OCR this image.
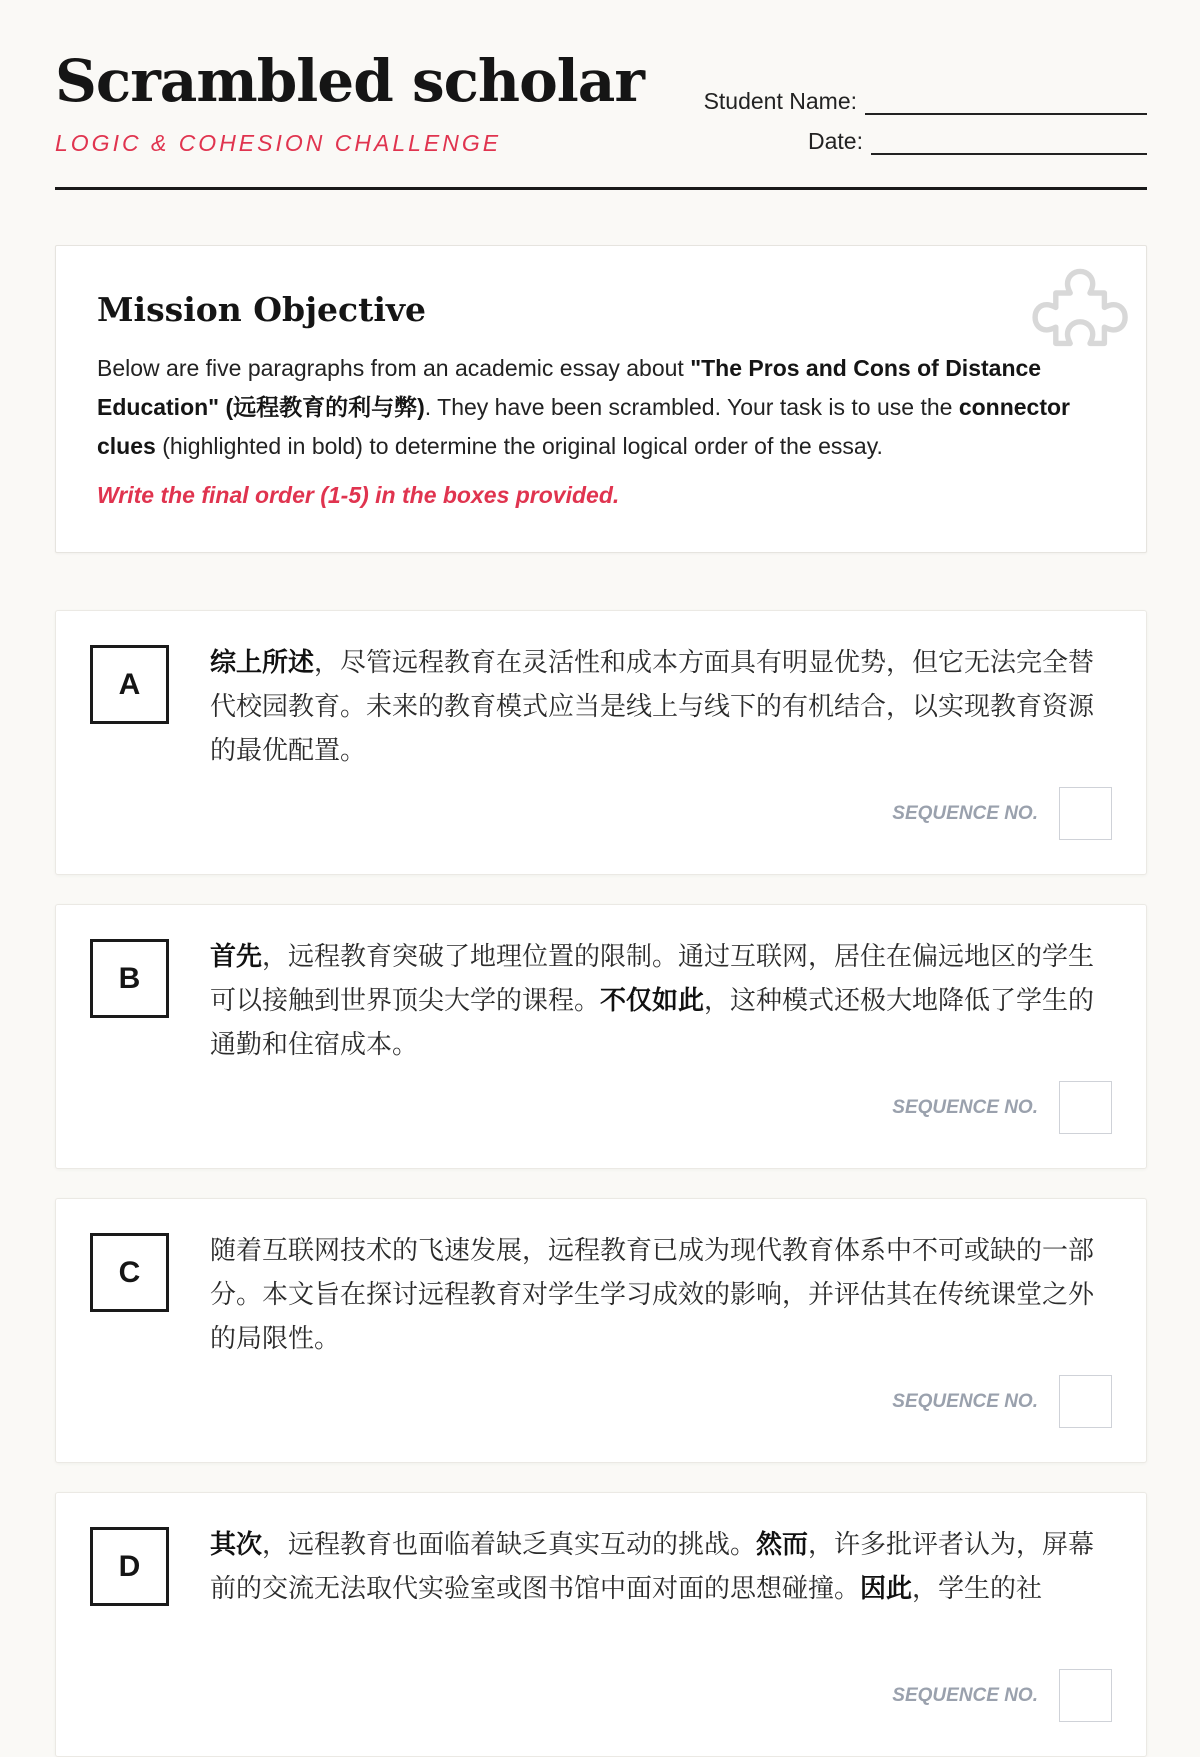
Scrambled scholar
LOGIC & COHESION CHALLENGE
Student Name:
Date:
Mission Objective
Below are five paragraphs from an academic essay about "The Pros and Cons of Distance Education" (远程教育的利与弊). They have been scrambled. Your task is to use the connector clues (highlighted in bold) to determine the original logical order of the essay.
Write the final order (1-5) in the boxes provided.
A
综上所述，尽管远程教育在灵活性和成本方面具有明显优势，但它无法完全替代校园教育。未来的教育模式应当是线上与线下的有机结合，以实现教育资源的最优配置。
SEQUENCE NO.
B
首先，远程教育突破了地理位置的限制。通过互联网，居住在偏远地区的学生可以接触到世界顶尖大学的课程。不仅如此，这种模式还极大地降低了学生的通勤和住宿成本。
SEQUENCE NO.
C
随着互联网技术的飞速发展，远程教育已成为现代教育体系中不可或缺的一部分。本文旨在探讨远程教育对学生学习成效的影响，并评估其在传统课堂之外的局限性。
SEQUENCE NO.
D
其次，远程教育也面临着缺乏真实互动的挑战。然而，许多批评者认为，屏幕前的交流无法取代实验室或图书馆中面对面的思想碰撞。因此，学生的社
SEQUENCE NO.
